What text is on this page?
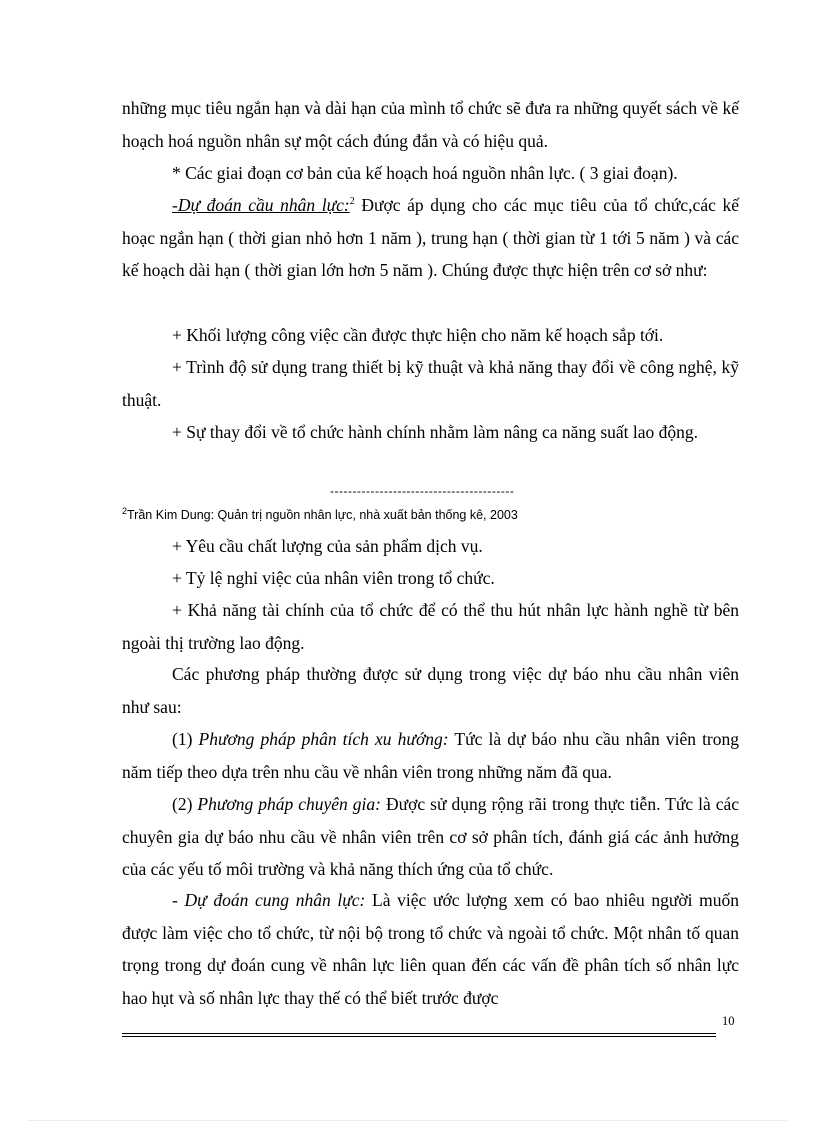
những mục tiêu ngắn hạn và dài hạn của mình tổ chức sẽ đưa ra những quyết sách về kế hoạch hoá nguồn nhân sự một cách đúng đắn và có hiệu quả.

* Các giai đoạn cơ bản của kế hoạch hoá nguồn nhân lực. ( 3 giai đoạn).

-Dự đoán cầu nhân lực:$^2$ Được áp dụng cho các mục tiêu của tổ chức,các kế hoạc ngắn hạn ( thời gian nhỏ hơn 1 năm ), trung hạn ( thời gian từ 1 tới 5 năm ) và các kế hoạch dài hạn ( thời gian lớn hơn 5 năm ). Chúng được thực hiện trên cơ sở như:

+ Khối lượng công việc cần được thực hiện cho năm kế hoạch sắp tới.

+ Trình độ sử dụng trang thiết bị kỹ thuật và khả năng thay đổi về công nghệ, kỹ thuật.

+ Sự thay đổi về tổ chức hành chính nhằm làm nâng ca năng suất lao động.

-----------------------------------------
$^2$Trần Kim Dung: Quản trị nguồn nhân lực, nhà xuất bản thống kê, 2003

+ Yêu cầu chất lượng của sản phẩm dịch vụ.

+ Tỷ lệ nghỉ việc của nhân viên trong tổ chức.

+ Khả năng tài chính của tổ chức để có thể thu hút nhân lực hành nghề từ bên ngoài thị trường lao động.

Các phương pháp thường được sử dụng trong việc dự báo nhu cầu nhân viên như sau:

(1) Phương pháp phân tích xu hướng: Tức là dự báo nhu cầu nhân viên trong năm tiếp theo dựa trên nhu cầu về nhân viên trong những năm đã qua.

(2) Phương pháp chuyên gia: Được sử dụng rộng rãi trong thực tiễn. Tức là các chuyên gia dự báo nhu cầu về nhân viên trên cơ sở phân tích, đánh giá các ảnh hưởng của các yếu tố môi trường và khả năng thích ứng của tổ chức.

- Dự đoán cung nhân lực: Là việc ước lượng xem có bao nhiêu người muốn được làm việc cho tổ chức, từ nội bộ trong tổ chức và ngoài tổ chức. Một nhân tố quan trọng trong dự đoán cung về nhân lực liên quan đến các vấn đề phân tích số nhân lực hao hụt và số nhân lực thay thế có thể biết trước được

10
